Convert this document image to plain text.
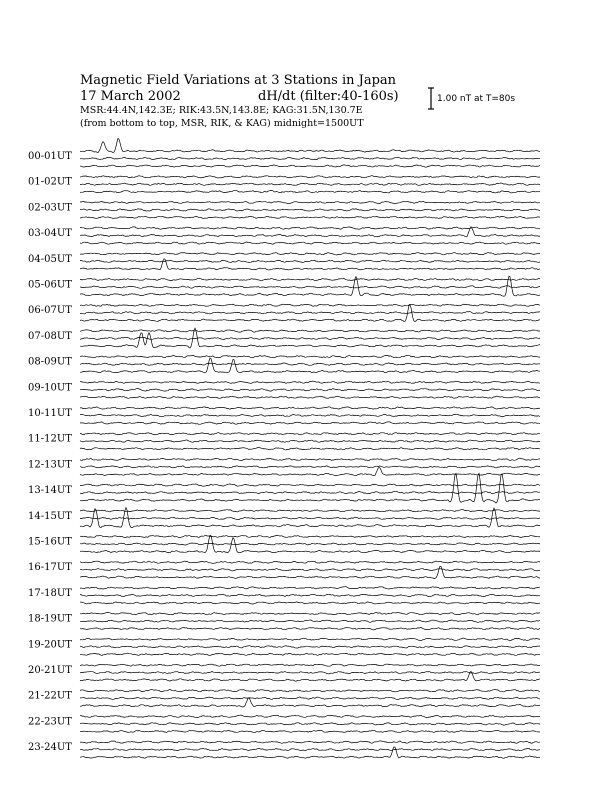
Magnetic Field Variations at 3 Stations in Japan
17 March 2002	dH/dt (filter:40-160s)
MSR:44.4N,142.3E; RIK:43.5N,143.8E; KAG:31.5N,130.7E
(from bottom to top, MSR, RIK, & KAG) midnight=1500UT
1.00 nT at T=80s
00-01UT
01-02UT
02-03UT
03-04UT
04-05UT
05-06UT
06-07UT
07-08UT
08-09UT
09-10UT
10-11UT
11-12UT
12-13UT
13-14UT
14-15UT
15-16UT
16-17UT
17-18UT
18-19UT
19-20UT
20-21UT
21-22UT
22-23UT
23-24UT
